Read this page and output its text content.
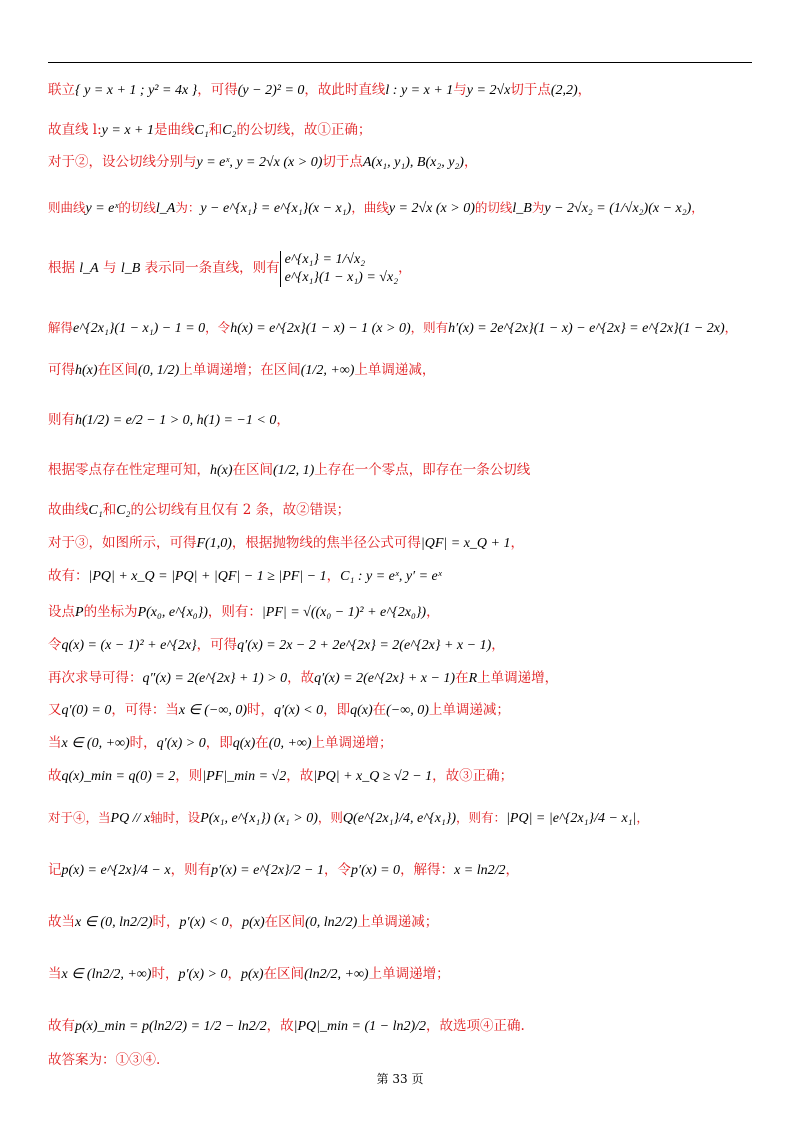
联立{ y = x + 1 ; y² = 4x }，可得(y − 2)² = 0，故此时直线l : y = x + 1与y = 2√x切于点(2,2)，
故直线 l:y = x + 1是曲线C₁和C₂的公切线，故①正确；
对于②，设公切线分别与y = eˣ, y = 2√x (x > 0)切于点A(x₁, y₁), B(x₂, y₂)，
则曲线y = eˣ的切线l_A为：y − e^{x₁} = e^{x₁}(x − x₁)，曲线y = 2√x (x > 0)的切线l_B为y − 2√x₂ = (1/√x₂)(x − x₂)，
根据 l_A 与 l_B 表示同一条直线，则有
e^{x₁} = 1/√x₂
e^{x₁}(1 − x₁) = √x₂
，
解得e^{2x₁}(1 − x₁) − 1 = 0，令h(x) = e^{2x}(1 − x) − 1 (x > 0)，则有h′(x) = 2e^{2x}(1 − x) − e^{2x} = e^{2x}(1 − 2x)，
可得h(x)在区间(0, 1/2)上单调递增；在区间(1/2, +∞)上单调递减，
则有h(1/2) = e/2 − 1 > 0, h(1) = −1 < 0，
根据零点存在性定理可知，h(x)在区间(1/2, 1)上存在一个零点，即存在一条公切线
故曲线C₁和C₂的公切线有且仅有 2 条，故②错误；
对于③，如图所示，可得F(1,0)，根据抛物线的焦半径公式可得|QF| = x_Q + 1，
故有：|PQ| + x_Q = |PQ| + |QF| − 1 ≥ |PF| − 1，C₁ : y = eˣ, y′ = eˣ
设点P的坐标为P(x₀, e^{x₀})，则有：|PF| = √((x₀ − 1)² + e^{2x₀})，
令q(x) = (x − 1)² + e^{2x}，可得q′(x) = 2x − 2 + 2e^{2x} = 2(e^{2x} + x − 1)，
再次求导可得：q″(x) = 2(e^{2x} + 1) > 0，故q′(x) = 2(e^{2x} + x − 1)在R上单调递增，
又q′(0) = 0，可得：当x ∈ (−∞, 0)时，q′(x) < 0，即q(x)在(−∞, 0)上单调递减；
当x ∈ (0, +∞)时，q′(x) > 0，即q(x)在(0, +∞)上单调递增；
故q(x)_min = q(0) = 2，则|PF|_min = √2，故|PQ| + x_Q ≥ √2 − 1，故③正确；
对于④，当PQ // x轴时，设P(x₁, e^{x₁}) (x₁ > 0)，则Q(e^{2x₁}/4, e^{x₁})，则有：|PQ| = |e^{2x₁}/4 − x₁|，
记p(x) = e^{2x}/4 − x，则有p′(x) = e^{2x}/2 − 1，令p′(x) = 0，解得：x = ln2/2，
故当x ∈ (0, ln2/2)时，p′(x) < 0，p(x)在区间(0, ln2/2)上单调递减；
当x ∈ (ln2/2, +∞)时，p′(x) > 0，p(x)在区间(ln2/2, +∞)上单调递增；
故有p(x)_min = p(ln2/2) = 1/2 − ln2/2，故|PQ|_min = (1 − ln2)/2，故选项④正确.
故答案为：①③④.
第 33 页
